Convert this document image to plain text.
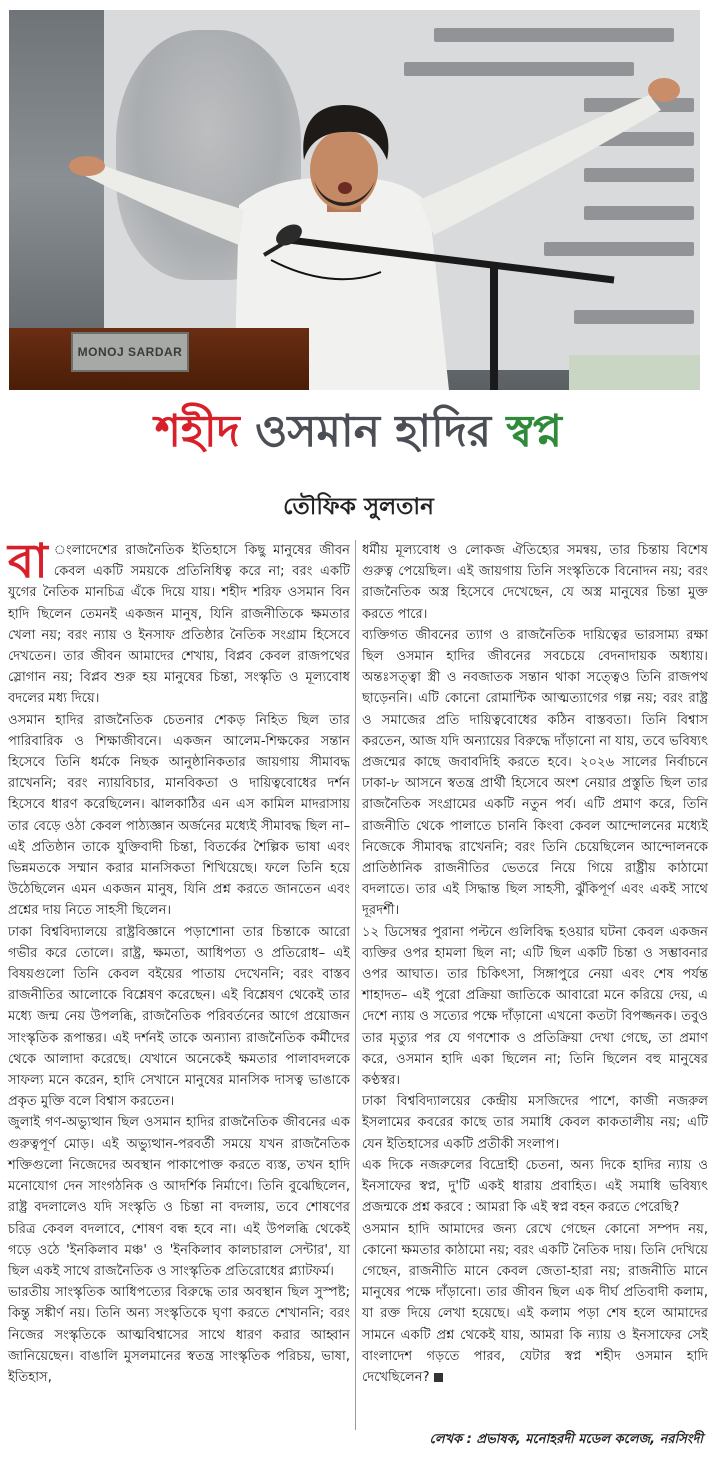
MONOJ SARDAR
শহীদ ওসমান হাদির স্বপ্ন
তৌফিক সুলতান

বা ংলাদেশের রাজনৈতিক ইতিহাসে কিছু মানুষের জীবন কেবল একটি সময়কে প্রতিনিধিত্ব করে না; বরং একটি যুগের নৈতিক মানচিত্র এঁকে দিয়ে যায়। শহীদ শরিফ ওসমান বিন হাদি ছিলেন তেমনই একজন মানুষ, যিনি রাজনীতিকে ক্ষমতার খেলা নয়; বরং ন্যায় ও ইনসাফ প্রতিষ্ঠার নৈতিক সংগ্রাম হিসেবে দেখতেন। তার জীবন আমাদের শেখায়, বিপ্লব কেবল রাজপথের স্লোগান নয়; বিপ্লব শুরু হয় মানুষের চিন্তা, সংস্কৃতি ও মূল্যবোধ বদলের মধ্য দিয়ে।

ওসমান হাদির রাজনৈতিক চেতনার শেকড় নিহিত ছিল তার পারিবারিক ও শিক্ষাজীবনে। একজন আলেম-শিক্ষকের সন্তান হিসেবে তিনি ধর্মকে নিছক আনুষ্ঠানিকতার জায়গায় সীমাবদ্ধ রাখেননি; বরং ন্যায়বিচার, মানবিকতা ও দায়িত্ববোধের দর্শন হিসেবে ধারণ করেছিলেন। ঝালকাঠির এন এস কামিল মাদরাসায় তার বেড়ে ওঠা কেবল পাঠ্যজ্ঞান অর্জনের মধ্যেই সীমাবদ্ধ ছিল না– এই প্রতিষ্ঠান তাকে যুক্তিবাদী চিন্তা, বিতর্কের শৈল্পিক ভাষা এবং ভিন্নমতকে সম্মান করার মানসিকতা শিখিয়েছে। ফলে তিনি হয়ে উঠেছিলেন এমন একজন মানুষ, যিনি প্রশ্ন করতে জানতেন এবং প্রশ্নের দায় নিতে সাহসী ছিলেন।

ঢাকা বিশ্ববিদ্যালয়ে রাষ্ট্রবিজ্ঞানে পড়াশোনা তার চিন্তাকে আরো গভীর করে তোলে। রাষ্ট্র, ক্ষমতা, আধিপত্য ও প্রতিরোধ– এই বিষয়গুলো তিনি কেবল বইয়ের পাতায় দেখেননি; বরং বাস্তব রাজনীতির আলোকে বিশ্লেষণ করেছেন। এই বিশ্লেষণ থেকেই তার মধ্যে জন্ম নেয় উপলব্ধি, রাজনৈতিক পরিবর্তনের আগে প্রয়োজন সাংস্কৃতিক রূপান্তর। এই দর্শনই তাকে অন্যান্য রাজনৈতিক কর্মীদের থেকে আলাদা করেছে। যেখানে অনেকেই ক্ষমতার পালাবদলকে সাফল্য মনে করেন, হাদি সেখানে মানুষের মানসিক দাসত্ব ভাঙাকে প্রকৃত মুক্তি বলে বিশ্বাস করতেন।

জুলাই গণ-অভ্যুত্থান ছিল ওসমান হাদির রাজনৈতিক জীবনের এক গুরুত্বপূর্ণ মোড়। এই অভ্যুত্থান-পরবর্তী সময়ে যখন রাজনৈতিক শক্তিগুলো নিজেদের অবস্থান পাকাপোক্ত করতে ব্যস্ত, তখন হাদি মনোযোগ দেন সাংগঠনিক ও আদর্শিক নির্মাণে। তিনি বুঝেছিলেন, রাষ্ট্র বদলালেও যদি সংস্কৃতি ও চিন্তা না বদলায়, তবে শোষণের চরিত্র কেবল বদলাবে, শোষণ বন্ধ হবে না। এই উপলব্ধি থেকেই গড়ে ওঠে 'ইনকিলাব মঞ্চ' ও 'ইনকিলাব কালচারাল সেন্টার', যা ছিল একই সাথে রাজনৈতিক ও সাংস্কৃতিক প্রতিরোধের প্ল্যাটফর্ম।

ভারতীয় সাংস্কৃতিক আধিপত্যের বিরুদ্ধে তার অবস্থান ছিল সুস্পষ্ট; কিন্তু সঙ্কীর্ণ নয়। তিনি অন্য সংস্কৃতিকে ঘৃণা করতে শেখাননি; বরং নিজের সংস্কৃতিকে আত্মবিশ্বাসের সাথে ধারণ করার আহ্বান জানিয়েছেন। বাঙালি মুসলমানের স্বতন্ত্র সাংস্কৃতিক পরিচয়, ভাষা, ইতিহাস,

ধর্মীয় মূল্যবোধ ও লোকজ ঐতিহ্যের সমন্বয়, তার চিন্তায় বিশেষ গুরুত্ব পেয়েছিল। এই জায়গায় তিনি সংস্কৃতিকে বিনোদন নয়; বরং রাজনৈতিক অস্ত্র হিসেবে দেখেছেন, যে অস্ত্র মানুষের চিন্তা মুক্ত করতে পারে।

ব্যক্তিগত জীবনের ত্যাগ ও রাজনৈতিক দায়িত্বের ভারসাম্য রক্ষা ছিল ওসমান হাদির জীবনের সবচেয়ে বেদনাদায়ক অধ্যায়। অন্তঃসত্ত্বা স্ত্রী ও নবজাতক সন্তান থাকা সত্ত্বেও তিনি রাজপথ ছাড়েননি। এটি কোনো রোমান্টিক আত্মত্যাগের গল্প নয়; বরং রাষ্ট্র ও সমাজের প্রতি দায়িত্ববোধের কঠিন বাস্তবতা। তিনি বিশ্বাস করতেন, আজ যদি অন্যায়ের বিরুদ্ধে দাঁড়ানো না যায়, তবে ভবিষ্যৎ প্রজন্মের কাছে জবাবদিহি করতে হবে। ২০২৬ সালের নির্বাচনে ঢাকা-৮ আসনে স্বতন্ত্র প্রার্থী হিসেবে অংশ নেয়ার প্রস্তুতি ছিল তার রাজনৈতিক সংগ্রামের একটি নতুন পর্ব। এটি প্রমাণ করে, তিনি রাজনীতি থেকে পালাতে চাননি কিংবা কেবল আন্দোলনের মধ্যেই নিজেকে সীমাবদ্ধ রাখেননি; বরং তিনি চেয়েছিলেন আন্দোলনকে প্রাতিষ্ঠানিক রাজনীতির ভেতরে নিয়ে গিয়ে রাষ্ট্রীয় কাঠামো বদলাতে। তার এই সিদ্ধান্ত ছিল সাহসী, ঝুঁকিপূর্ণ এবং একই সাথে দূরদর্শী।

১২ ডিসেম্বর পুরানা পল্টনে গুলিবিদ্ধ হওয়ার ঘটনা কেবল একজন ব্যক্তির ওপর হামলা ছিল না; এটি ছিল একটি চিন্তা ও সম্ভাবনার ওপর আঘাত। তার চিকিৎসা, সিঙ্গাপুরে নেয়া এবং শেষ পর্যন্ত শাহাদত– এই পুরো প্রক্রিয়া জাতিকে আবারো মনে করিয়ে দেয়, এ দেশে ন্যায় ও সত্যের পক্ষে দাঁড়ানো এখনো কতটা বিপজ্জনক। তবুও তার মৃত্যুর পর যে গণশোক ও প্রতিক্রিয়া দেখা গেছে, তা প্রমাণ করে, ওসমান হাদি একা ছিলেন না; তিনি ছিলেন বহু মানুষের কণ্ঠস্বর।

ঢাকা বিশ্ববিদ্যালয়ের কেন্দ্রীয় মসজিদের পাশে, কাজী নজরুল ইসলামের কবরের কাছে তার সমাধি কেবল কাকতালীয় নয়; এটি যেন ইতিহাসের একটি প্রতীকী সংলাপ।

এক দিকে নজরুলের বিদ্রোহী চেতনা, অন্য দিকে হাদির ন্যায় ও ইনসাফের স্বপ্ন, দু'টি একই ধারায় প্রবাহিত। এই সমাধি ভবিষ্যৎ প্রজন্মকে প্রশ্ন করবে : আমরা কি এই স্বপ্ন বহন করতে পেরেছি?

ওসমান হাদি আমাদের জন্য রেখে গেছেন কোনো সম্পদ নয়, কোনো ক্ষমতার কাঠামো নয়; বরং একটি নৈতিক দায়। তিনি দেখিয়ে গেছেন, রাজনীতি মানে কেবল জেতা-হারা নয়; রাজনীতি মানে মানুষের পক্ষে দাঁড়ানো। তার জীবন ছিল এক দীর্ঘ প্রতিবাদী কলাম, যা রক্ত দিয়ে লেখা হয়েছে। এই কলাম পড়া শেষ হলে আমাদের সামনে একটি প্রশ্ন থেকেই যায়, আমরা কি ন্যায় ও ইনসাফের সেই বাংলাদেশ গড়তে পারব, যেটার স্বপ্ন শহীদ ওসমান হাদি দেখেছিলেন?

লেখক : প্রভাষক, মনোহরদী মডেল কলেজ, নরসিংদী
